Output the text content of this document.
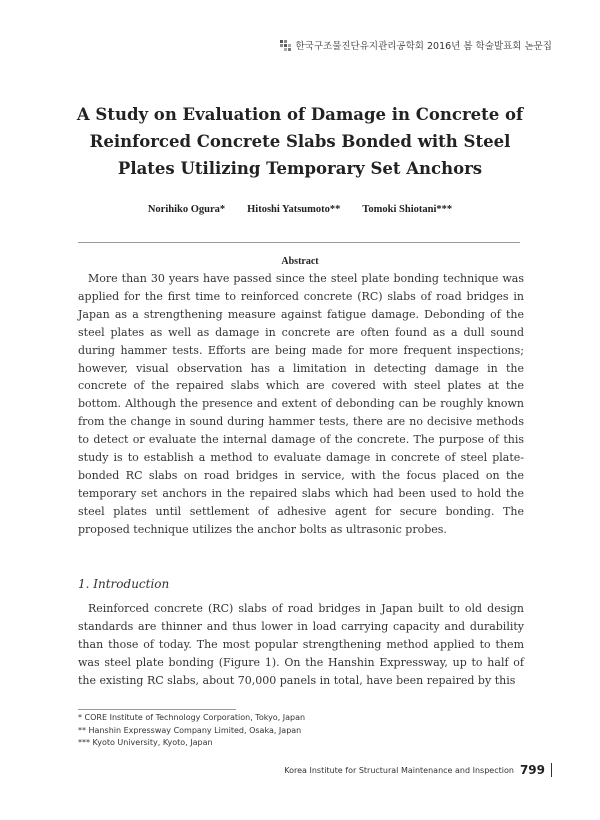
한국구조물진단유지관리공학회 2016년 봄 학술발표회 논문집
A Study on Evaluation of Damage in Concrete of Reinforced Concrete Slabs Bonded with Steel Plates Utilizing Temporary Set Anchors
Norihiko Ogura* Hitoshi Yatsumoto** Tomoki Shiotani***
Abstract

More than 30 years have passed since the steel plate bonding technique was applied for the first time to reinforced concrete (RC) slabs of road bridges in Japan as a strengthening measure against fatigue damage. Debonding of the steel plates as well as damage in concrete are often found as a dull sound during hammer tests. Efforts are being made for more frequent inspections; however, visual observation has a limitation in detecting damage in the concrete of the repaired slabs which are covered with steel plates at the bottom. Although the presence and extent of debonding can be roughly known from the change in sound during hammer tests, there are no decisive methods to detect or evaluate the internal damage of the concrete. The purpose of this study is to establish a method to evaluate damage in concrete of steel plate-bonded RC slabs on road bridges in service, with the focus placed on the temporary set anchors in the repaired slabs which had been used to hold the steel plates until settlement of adhesive agent for secure bonding. The proposed technique utilizes the anchor bolts as ultrasonic probes.

1. Introduction

Reinforced concrete (RC) slabs of road bridges in Japan built to old design standards are thinner and thus lower in load carrying capacity and durability than those of today. The most popular strengthening method applied to them was steel plate bonding (Figure 1). On the Hanshin Expressway, up to half of the existing RC slabs, about 70,000 panels in total, have been repaired by this

* CORE Institute of Technology Corporation, Tokyo, Japan
** Hanshin Expressway Company Limited, Osaka, Japan
*** Kyoto University, Kyoto, Japan
Korea Institute for Structural Maintenance and Inspection 799
